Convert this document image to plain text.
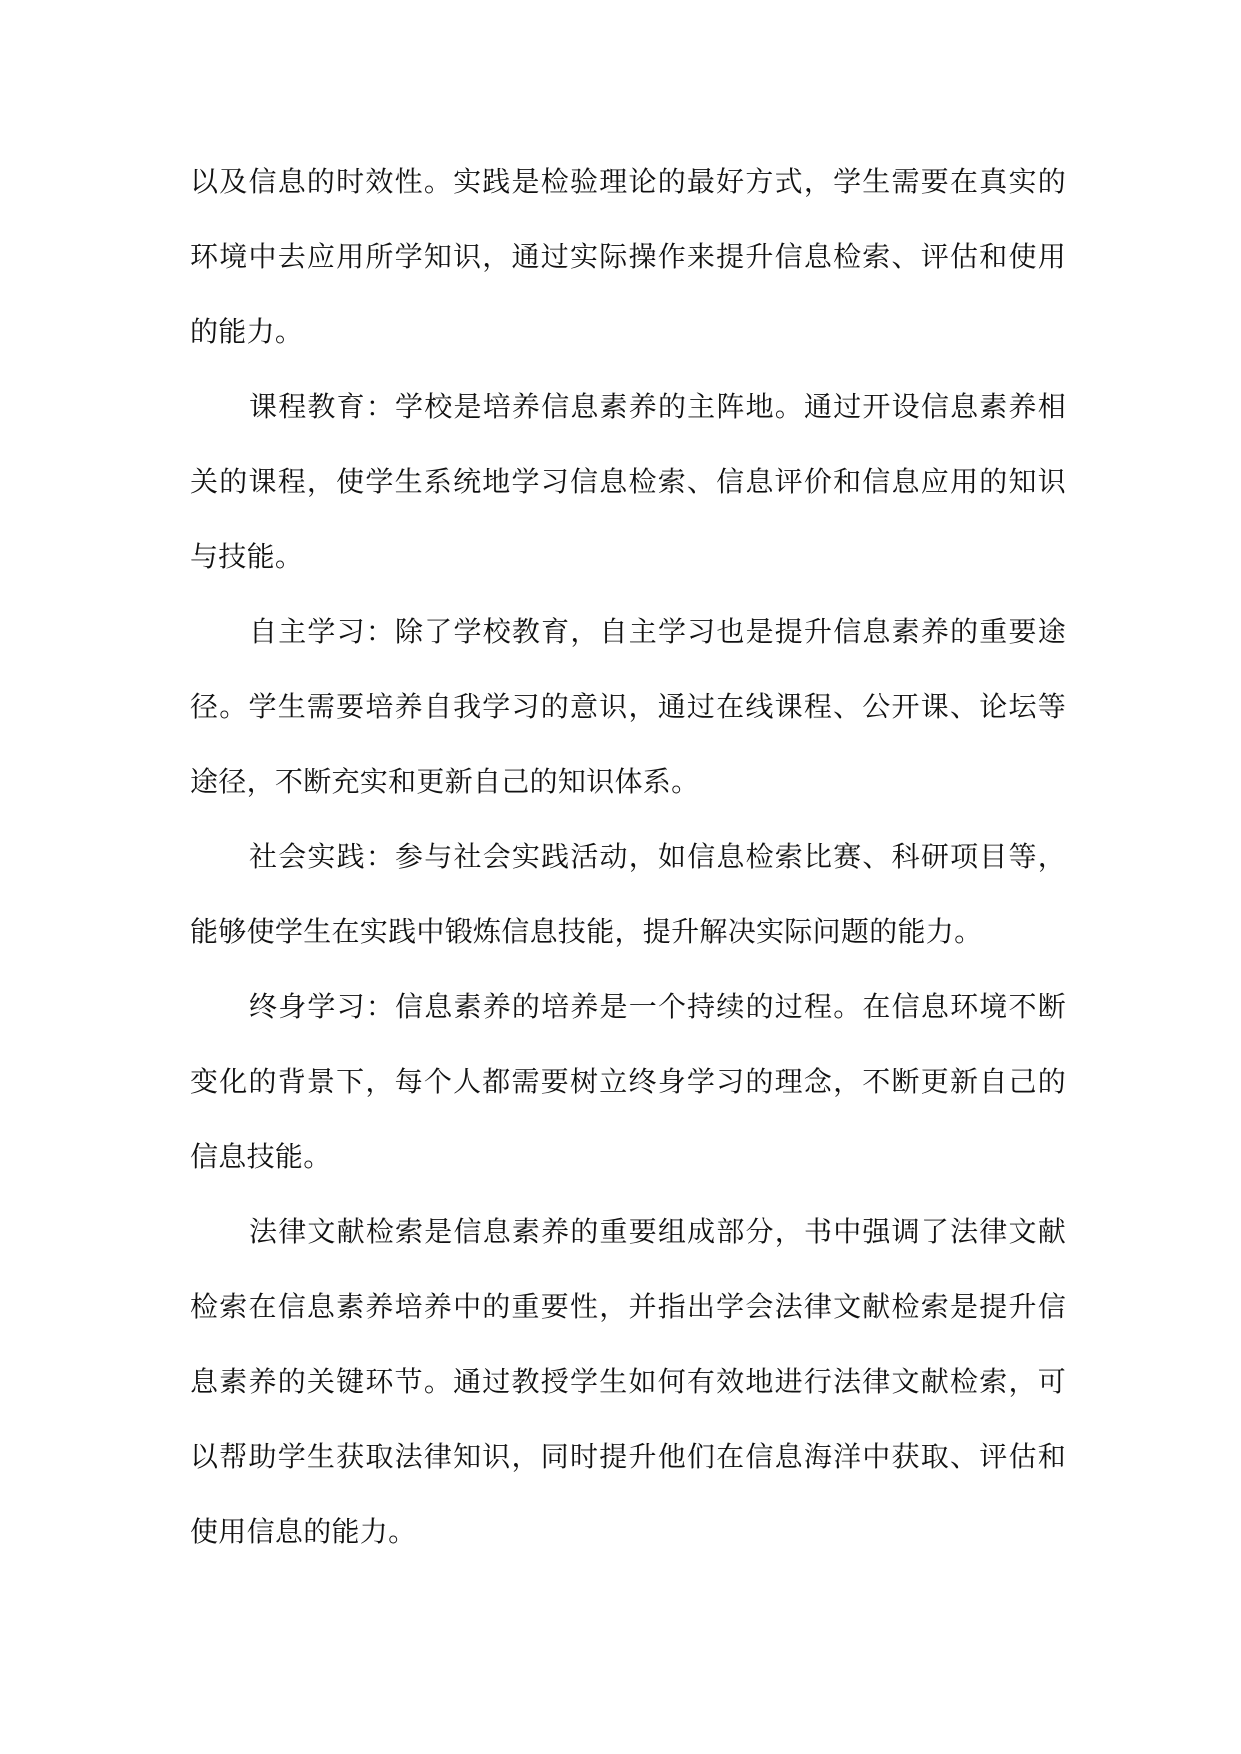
以及信息的时效性。实践是检验理论的最好方式，学生需要在真实的环境中去应用所学知识，通过实际操作来提升信息检索、评估和使用的能力。

课程教育：学校是培养信息素养的主阵地。通过开设信息素养相关的课程，使学生系统地学习信息检索、信息评价和信息应用的知识与技能。

自主学习：除了学校教育，自主学习也是提升信息素养的重要途径。学生需要培养自我学习的意识，通过在线课程、公开课、论坛等途径，不断充实和更新自己的知识体系。

社会实践：参与社会实践活动，如信息检索比赛、科研项目等，能够使学生在实践中锻炼信息技能，提升解决实际问题的能力。

终身学习：信息素养的培养是一个持续的过程。在信息环境不断变化的背景下，每个人都需要树立终身学习的理念，不断更新自己的信息技能。

法律文献检索是信息素养的重要组成部分，书中强调了法律文献检索在信息素养培养中的重要性，并指出学会法律文献检索是提升信息素养的关键环节。通过教授学生如何有效地进行法律文献检索，可以帮助学生获取法律知识，同时提升他们在信息海洋中获取、评估和使用信息的能力。
